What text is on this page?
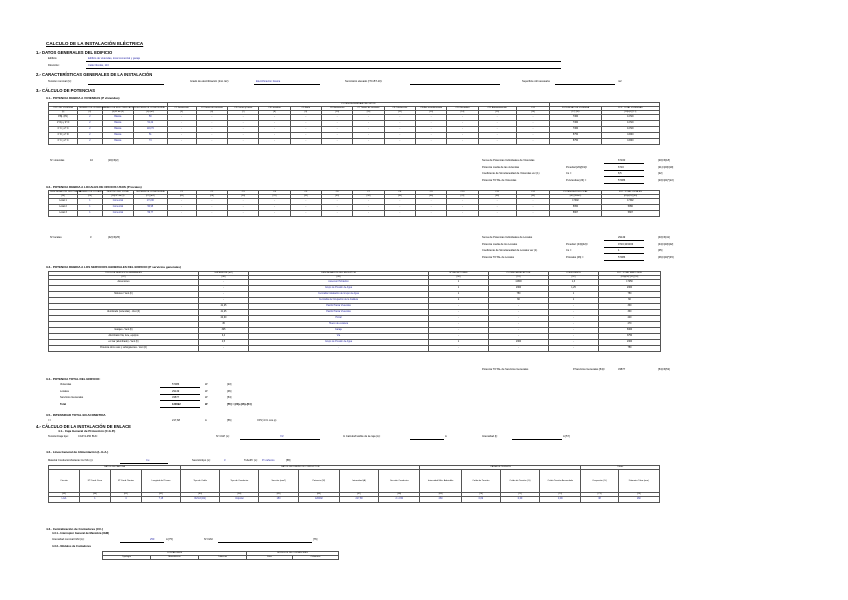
CALCULO DE LA INSTALACIÓN ELÉCTRICA
1.- DATOS GENERALES DEL EDIFICIO
Edificio:	Edificio de viviendas, local comercial y garaje
Dirección:	Calle Nicolás, 113
2.- CARACTERÍSTICAS GENERALES DE LA INSTALACIÓN
Tensión nominal (U):	Grado de electrificación (Inst. Ez):	Electrificación básica	Suministro elevado (ITC-BT-10):	Superficie útil necesaria:	m2
3.- CÁLCULO DE POTENCIAS
3.1.- POTENCIA DEBIDA A VIVIENDAS (P viviendas)
				POTENCIA DEBIDA A CIRCUITOS													
TIPO DE VIVIENDA	NÚMERO DE VIVIENDAS	GRADO DE ELECTRIFICACIÓN	SUPERFICIE CONSTRUIDA	C1 Iluminación	C2 Tomas de corriente	C3 Cocina y horno	C4 Lavadora	C5 Baño	C6 Iluminación	C7 Tomas de corriente	C8 Calefacción	C9 Aire acondicionado	C10 Secadora	C11 Automatización	C12	POTENCIA POR VIVIENDA	POT. TOTAL VIVIENDAS
[1]	[2]	[3] Nº de (3)	[4] (m2)	[5]	[6]	[7]	[8]	[9]	[10]	[11]	[12]	[13]	[14]	[15]	[16]	[17] (W)	[18]=[2]*[17]
P.Bj. (Pb)	2	Básica	50	-	-	-	-	-	-	-	-	-	-	-	-	7360	14720
1º Dp y 2º D	2	Básica	51,22	-	-	-	-	-	-	-	-	-	-	-	-	7360	14720
1º C y 2º C	2	Básica	119,76	-	-	-	-	-	-	-	-	-	-	-	-	7360	14720
1º D y 2º D	2	Básica	51	-	-	-	-	-	-	-	-	-	-	-	-	5750	11500
1º C y 2º C	2	Básica	74	-	-	-	-	-	-	-	-	-	-	-	-	5750	11500
Nº viviendas	10	[19]=Σ[2]	Suma de Potencias Individuales de Viviendas	67160	[20]=Σ[18]
Potencia media de las viviendas	Pmedia=[20]/[19]=	6716	[21]=[20]/[19]
Coeficiente de Simultaneidad de Viviendas ver (1)	Cs =	8,5	[22]
Potencia TOTAL de Viviendas	P.viviendas [23] =	57086	[23]=[21]*[22]
3.2.- POTENCIA DEBIDA A LOCALES DE OFICIOS USOS (P locales)
DENOMINACIÓN DEL PLANTA	NÚMERO DE LOCALES	DESTINO DEL LOCAL	SUPERFICIE CONSTRUIDA	C1	C2	C3	C4	C5	C6	C7	C8	C9	C10	C11	C12	POTENCIA POR LOCAL	POT. TOTAL LOCALES
[24]	[25]	[26] Nº de (3)	[27] (m2)	[28]	[29]	[30]	[31]	[32]	[33]	[34]	[35]	[36]	[37]	[38]	[39]	[40] (W/m2)	[41]=[25]*[40]
Local 1	1	Comercial	171,96	-	-	-	-	-	-	-	-	-	-	-	-	17392	17392
Local 2	1	Comercial	50,95	-	-	-	-	-	-	-	-	-	-	-	-	5950	5950
Local 3	1	Comercial	59,77	-	-	-	-	-	-	-	-	-	-	-	-	5807	5807
Nº locales	3	[42]=Σ[25]	Suma de Potencias Individuales de Locales	29149	[43]=Σ[41]
Potencia media de los Locales	Pmedia= [43]/[42]=	9716,333333	[44]=[43]/[42]
Coeficiente de Simultaneidad de Locales ver (1)	Cs =	1	[45]
Potencia TOTAL de Locales	P.locales [46] =	57086	[46]=[44]*[45]
3.3.- POTENCIA DEBIDA A LOS SERVICIOS GENERALES DEL EDIFICIO (P servicios generales)
TIPOS DE SERVICIOS GENERALES	SUPERFICIE (m2)	DENOMINACIÓN DEL RECEPTOR	Nº RECEPTORES	POTENCIA RECEPTOR	COEFICIENTE	POT. TOTAL SERV. GEN.
[47]	[48]	[49]	[50]	[51]	[52]	[53]=[50]*[51]*[52]
Ascensores	-	Ascensor Hidráulico	1	11500	1,3	17250
	-	Grupo de Presión de Agua	1	2300	1,25	2300
Motores / Vent (h)	-	Centralita Instalación de Grupo de Agua	1	750	1	750
	-	Centralita de Ocupación de la Caldera	1	60	1	60
	41,25	Pasillo Planta Viviendas	-	-	-	330
Alumbrado (viviendas) - Vest (h)	41,25	Pasillo Planta Viviendas	-	-	-	330
	24,00	Portal	-	-	-	240
	45	Hueco de escalera	-	-	-	270
Garajes - Vent (h)	325	Garaje	-	-	-	6300
Alumbrado Vía, luce, equipos	3,4	Vía	-	-	-	3750
en Gar (alumbrado) - Vent (h)	4,5	Grupo de Presión de Agua	1	2300	-	2300
Potencia otros usos y subsiguientes - Vent (h)	-	-	-	-	-	750
Potencia TOTAL de Servicios Generales	P.Servicios Generales [54]=	33877	[54]=Σ[53]
3.4.- POTENCIA TOTAL DEL EDIFICIO:
Viviendas	57086	W	[23]
Locales	29149	W	[46]
Servicios Generales	33877	W	[54]
Total	120092	W	[55] = [23]+[46]+[54]
3.5.- INTENSIDAD TOTAL EN ACOMETIDA
I =	217,68	A	[56]	I=P/(√3·U·cos φ)
4.- CÁLCULO DE LA INSTALACIÓN DE ENLACE
4.1.- Caja General de Protección (C.G.P.)
Tensión/Caja tipo:	CGP-9-250 BUC	Nº CGP (x):	7/2	In Calculo/Fusible de la caja (A):	A	Intensidad (I):	A [57]
4.2.- Línea General de Alimentación (L.G.A.)
Material Conductor/Aislante Cu/ Mx (x):	Cu	Sección/tipo (x):	3	Tubo/Pr (x): Pr cañeros	[58]
DATOS DE PARTIDA				DATOS DE DISEÑO DE CONDUCTOR						CAÍDA DE TENSIÓN				Tubos	
Circuito	Nº Cond. Fase	Nº Cond. Neutro	Longitud del Tramo	Tipo de Cable	Tipo de Conductor	Sección (mm²)	Potencia (W)	Intensidad (A)	Sección Conductor	Intensidad Máx. Admisible	Caída de Tensión	Caída de Tensión (%)	Caída Tensión Acumulada	Ocupación (%)	Diámetro Tubo (mm)
[59]	[60]	[61]	[62]	[63]	[64]	[65]	[66]	[67]	[68]	[69]	[70]	[71]	[72]	[73]	[74]
LGA	1	4	7,15	RZ1-K(AS)	Unipolar	150	120092	217,68	2 x 150	260	0,09	0,09	0,09	38	160
4.3.- Centralización de Contadores (CC.)
4.3.1.- Interruptor General de Maniobra (IGM)
Intensidad nominal IGM (A):	250	A [75]	Nº IGM:	[76]
4.3.2.- Módulos de Contadores
CONTADORES			MÓDULOS DE CONTADORES	
Tipología	Monofásicos	Trifásicos	Filas	Columnas
